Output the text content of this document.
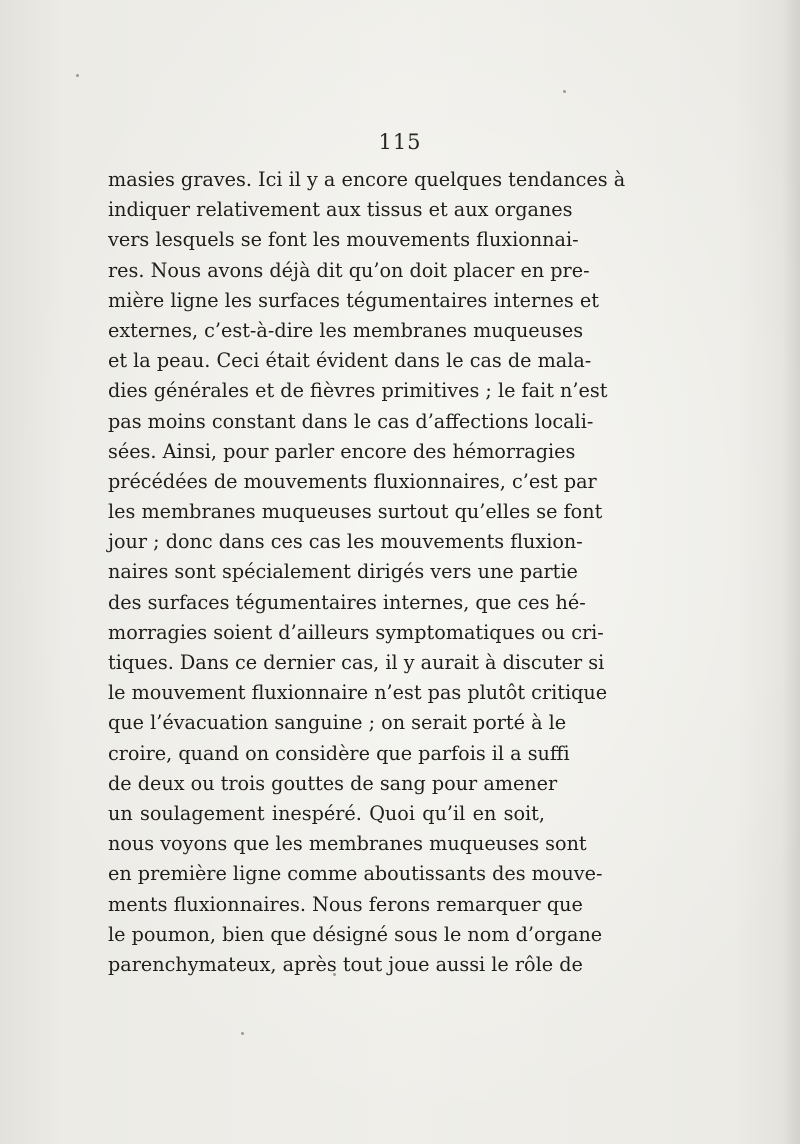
115
masies graves. Ici il y a encore quelques tendances à
indiquer relativement aux tissus et aux organes
vers lesquels se font les mouvements fluxionnai-
res. Nous avons déjà dit qu’on doit placer en pre-
mière ligne les surfaces tégumentaires internes et
externes, c’est-à-dire les membranes muqueuses
et la peau. Ceci était évident dans le cas de mala-
dies générales et de fièvres primitives ; le fait n’est
pas moins constant dans le cas d’affections locali-
sées. Ainsi, pour parler encore des hémorragies
précédées de mouvements fluxionnaires, c’est par
les membranes muqueuses surtout qu’elles se font
jour ; donc dans ces cas les mouvements fluxion-
naires sont spécialement dirigés vers une partie
des surfaces tégumentaires internes, que ces hé-
morragies soient d’ailleurs symptomatiques ou cri-
tiques. Dans ce dernier cas, il y aurait à discuter si
le mouvement fluxionnaire n’est pas plutôt critique
que l’évacuation sanguine ; on serait porté à le
croire, quand on considère que parfois il a suffi
de deux ou trois gouttes de sang pour amener
un soulagement inespéré. Quoi qu’il en soit,
nous voyons que les membranes muqueuses sont
en première ligne comme aboutissants des mouve-
ments fluxionnaires. Nous ferons remarquer que
le poumon, bien que désigné sous le nom d’organe
parenchymateux, après tout joue aussi le rôle de
